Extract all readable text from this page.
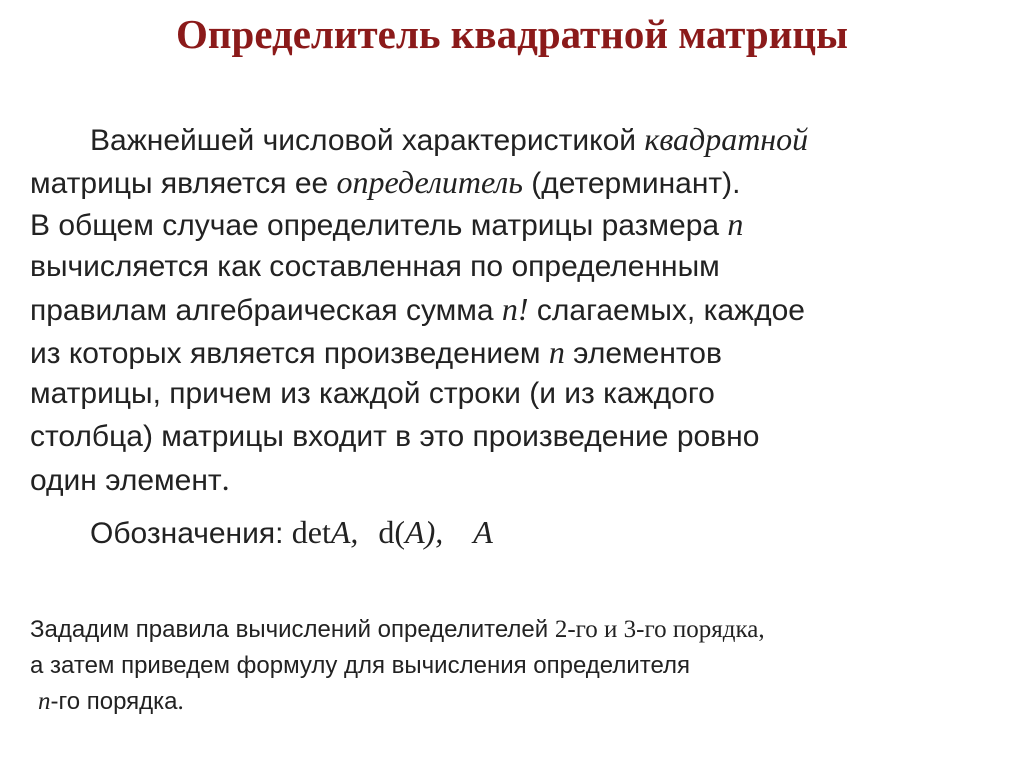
Определитель квадратной матрицы
Важнейшей числовой характеристикой квадратной
матрицы является ее определитель (детерминант).
В общем случае определитель матрицы размера n
вычисляется как составленная по определенным
правилам алгебраическая сумма n! слагаемых, каждое
из которых является произведением n элементов
матрицы, причем из каждой строки (и из каждого
столбца) матрицы входит в это произведение ровно
один элемент.
Обозначения: detA, d(A), A
Зададим правила вычислений определителей 2-го и 3-го порядка,
а затем приведем формулу для вычисления определителя
n-го порядка.
